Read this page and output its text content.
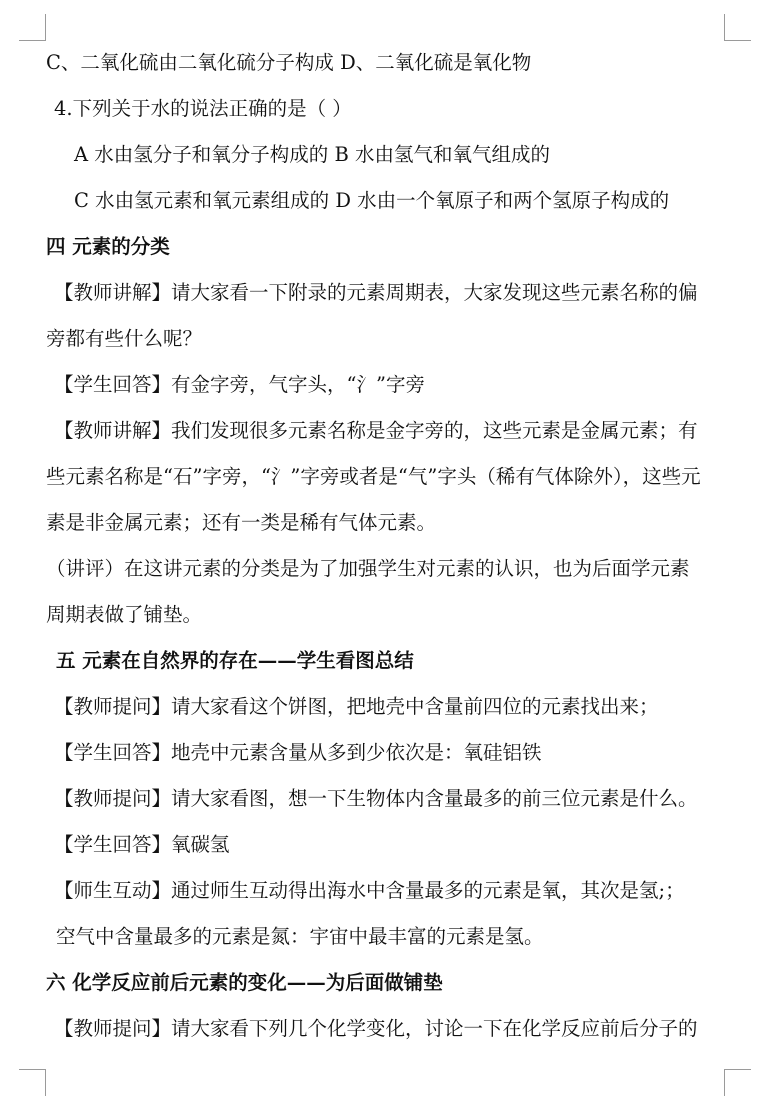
C、二氧化硫由二氧化硫分子构成 D、二氧化硫是氧化物
4.下列关于水的说法正确的是（ ）
A 水由氢分子和氧分子构成的 B 水由氢气和氧气组成的
C 水由氢元素和氧元素组成的 D 水由一个氧原子和两个氢原子构成的
四 元素的分类
【教师讲解】请大家看一下附录的元素周期表，大家发现这些元素名称的偏
旁都有些什么呢？
【学生回答】有金字旁，气字头，“氵”字旁
【教师讲解】我们发现很多元素名称是金字旁的，这些元素是金属元素；有
些元素名称是“石”字旁，“氵”字旁或者是“气”字头（稀有气体除外），这些元
素是非金属元素；还有一类是稀有气体元素。
（讲评）在这讲元素的分类是为了加强学生对元素的认识，也为后面学元素
周期表做了铺垫。
五 元素在自然界的存在——学生看图总结
【教师提问】请大家看这个饼图，把地壳中含量前四位的元素找出来；
【学生回答】地壳中元素含量从多到少依次是：氧硅铝铁
【教师提问】请大家看图，想一下生物体内含量最多的前三位元素是什么。
【学生回答】氧碳氢
【师生互动】通过师生互动得出海水中含量最多的元素是氧，其次是氢;；
空气中含量最多的元素是氮：宇宙中最丰富的元素是氢。
六 化学反应前后元素的变化——为后面做铺垫
【教师提问】请大家看下列几个化学变化，讨论一下在化学反应前后分子的
